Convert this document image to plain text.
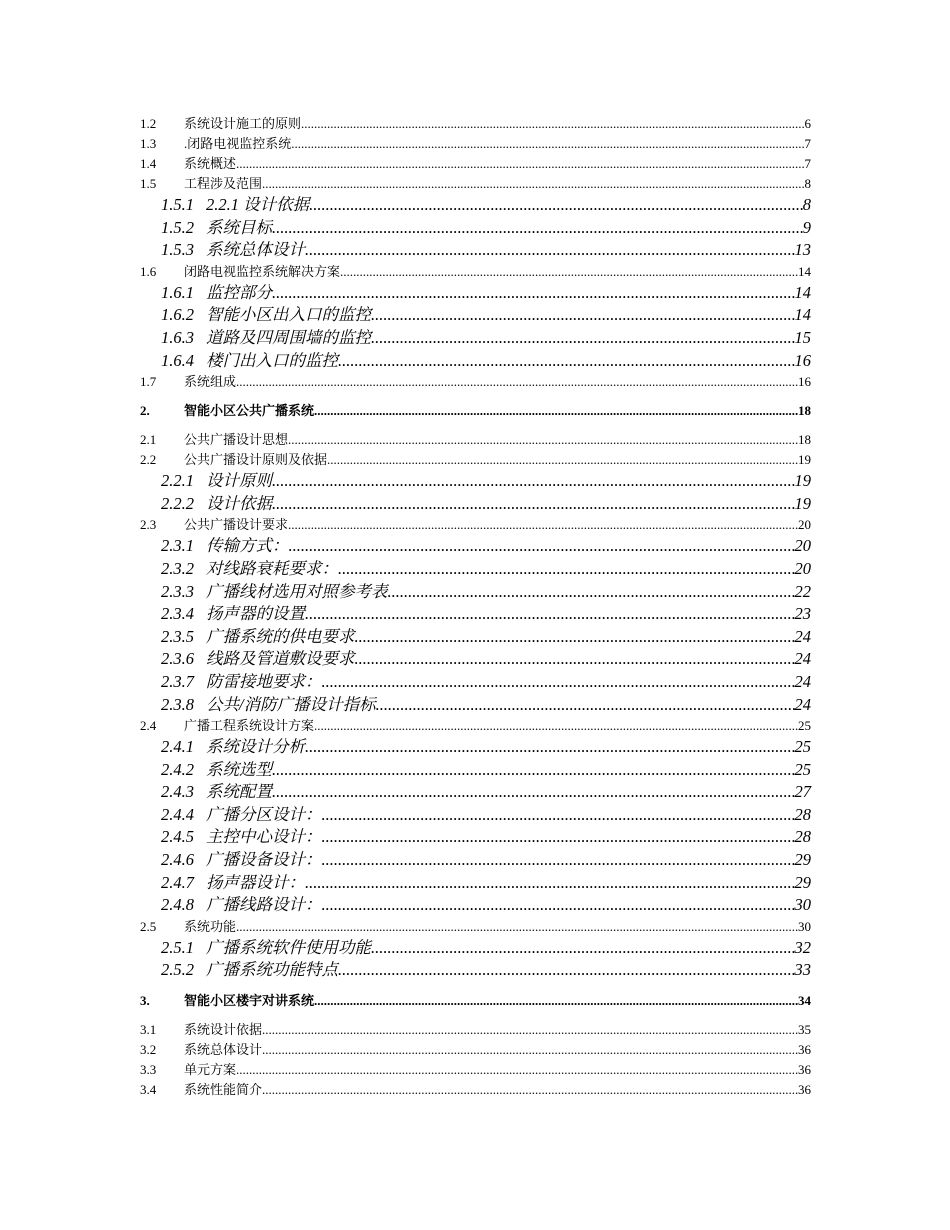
1.2	系统设计施工的原则 .....	6
1.3	.闭路电视监控系统 .....	7
1.4	系统概述 .....	7
1.5	工程涉及范围 .....	8
1.5.1 2.2.1 设计依据 .....	8
1.5.2 系统目标 .....	9
1.5.3 系统总体设计 .....	13
1.6	闭路电视监控系统解决方案 .....	14
1.6.1 监控部分 .....	14
1.6.2 智能小区出入口的监控 .....	14
1.6.3 道路及四周围墙的监控 .....	15
1.6.4 楼门出入口的监控 .....	16
1.7	系统组成 .....	16
2.	智能小区公共广播系统 .....	18
2.1	公共广播设计思想 .....	18
2.2	公共广播设计原则及依据 .....	19
2.2.1 设计原则 .....	19
2.2.2 设计依据 .....	19
2.3	公共广播设计要求 .....	20
2.3.1 传输方式： .....	20
2.3.2 对线路衰耗要求： .....	20
2.3.3 广播线材选用对照参考表 .....	22
2.3.4 扬声器的设置 .....	23
2.3.5 广播系统的供电要求 .....	24
2.3.6 线路及管道敷设要求 .....	24
2.3.7 防雷接地要求： .....	24
2.3.8 公共/消防广播设计指标 .....	24
2.4	广播工程系统设计方案 .....	25
2.4.1 系统设计分析 .....	25
2.4.2 系统选型 .....	25
2.4.3 系统配置 .....	27
2.4.4 广播分区设计： .....	28
2.4.5 主控中心设计： .....	28
2.4.6 广播设备设计： .....	29
2.4.7 扬声器设计： .....	29
2.4.8 广播线路设计： .....	30
2.5	系统功能 .....	30
2.5.1 广播系统软件使用功能 .....	32
2.5.2 广播系统功能特点 .....	33
3.	智能小区楼宇对讲系统 .....	34
3.1	系统设计依据 .....	35
3.2	系统总体设计 .....	36
3.3	单元方案 .....	36
3.4	系统性能简介 .....	36
